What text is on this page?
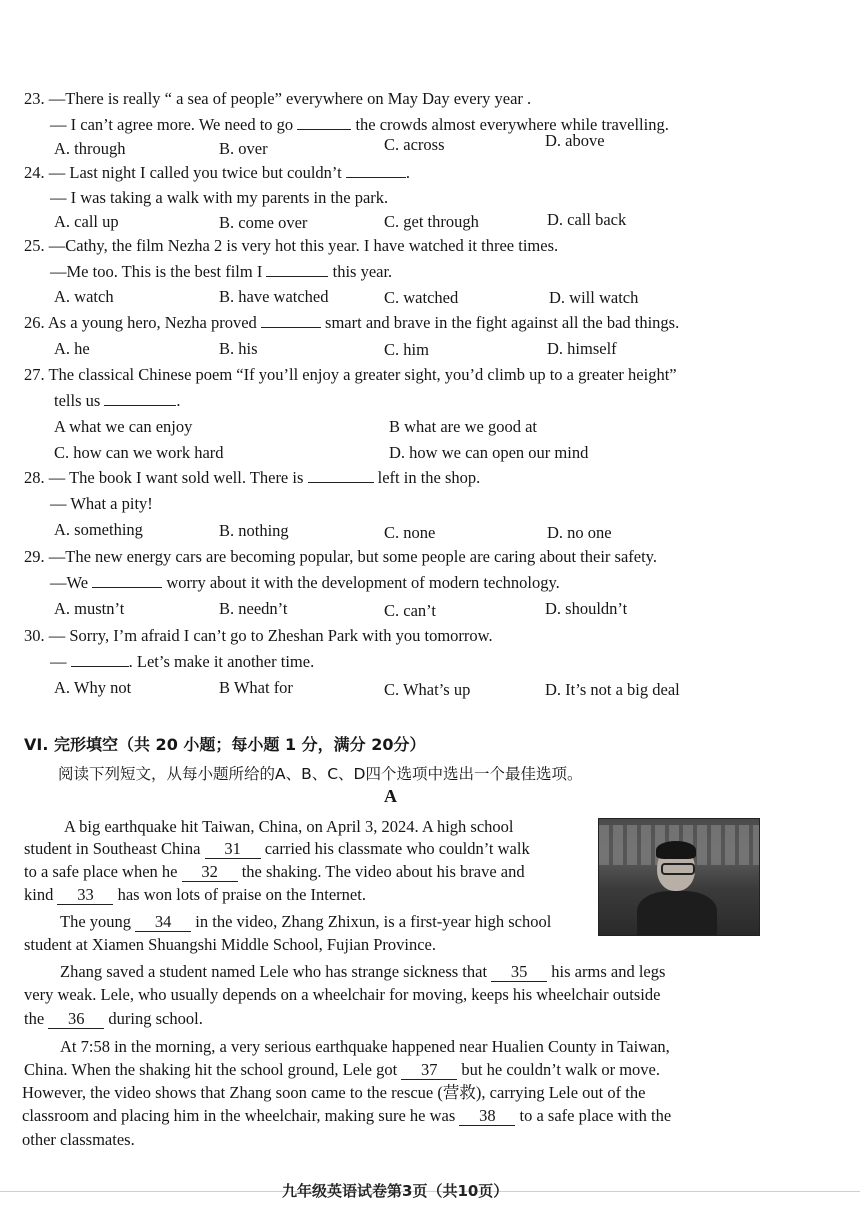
23. —There is really “ a sea of people” everywhere on May Day every year .
— I can’t agree more. We need to go	the crowds almost everywhere while travelling.
A. through	B. over	C. across	D. above
24. — Last night I called you twice but couldn’t	.
— I was taking a walk with my parents in the park.
A. call up	B. come over	C. get through	D. call back
25. —Cathy, the film Nezha 2 is very hot this year. I have watched it three times.
—Me too. This is the best film I	this year.
A. watch	B. have watched	C. watched	D. will watch
26. As a young hero, Nezha proved	smart and brave in the fight against all the bad things.
A. he	B. his	C. him	D. himself
27. The classical Chinese poem “If you’ll enjoy a greater sight, you’d climb up to a greater height”
tells us	.
A what we can enjoy	B what are we good at
C. how can we work hard	D. how we can open our mind
28. — The book I want sold well. There is	left in the shop.
— What a pity!
A. something	B. nothing	C. none	D. no one
29. —The new energy cars are becoming popular, but some people are caring about their safety.
—We	worry about it with the development of modern technology.
A. mustn’t	B. needn’t	C. can’t	D. shouldn’t
30. — Sorry, I’m afraid I can’t go to Zheshan Park with you tomorrow.
—	. Let’s make it another time.
A. Why not	B What for	C. What’s up	D. It’s not a big deal
VI. 完形填空（共 20 小题；每小题 1 分，满分 20分）
阅读下列短文，从每小题所给的A、B、C、D四个选项中选出一个最佳选项。
A
A big earthquake hit Taiwan, China, on April 3, 2024. A high school
student in Southeast China 31 carried his classmate who couldn’t walk
to a safe place when he 32 the shaking. The video about his brave and
kind 33 has won lots of praise on the Internet.
The young 34 in the video, Zhang Zhixun, is a first-year high school
student at Xiamen Shuangshi Middle School, Fujian Province.
Zhang saved a student named Lele who has strange sickness that 35 his arms and legs
very weak. Lele, who usually depends on a wheelchair for moving, keeps his wheelchair outside
the 36 during school.
At 7:58 in the morning, a very serious earthquake happened near Hualien County in Taiwan,
China. When the shaking hit the school ground, Lele got 37 but he couldn’t walk or move.
However, the video shows that Zhang soon came to the rescue (营救), carrying Lele out of the
classroom and placing him in the wheelchair, making sure he was 38 to a safe place with the
other classmates.
九年级英语试卷第3页（共10页）
